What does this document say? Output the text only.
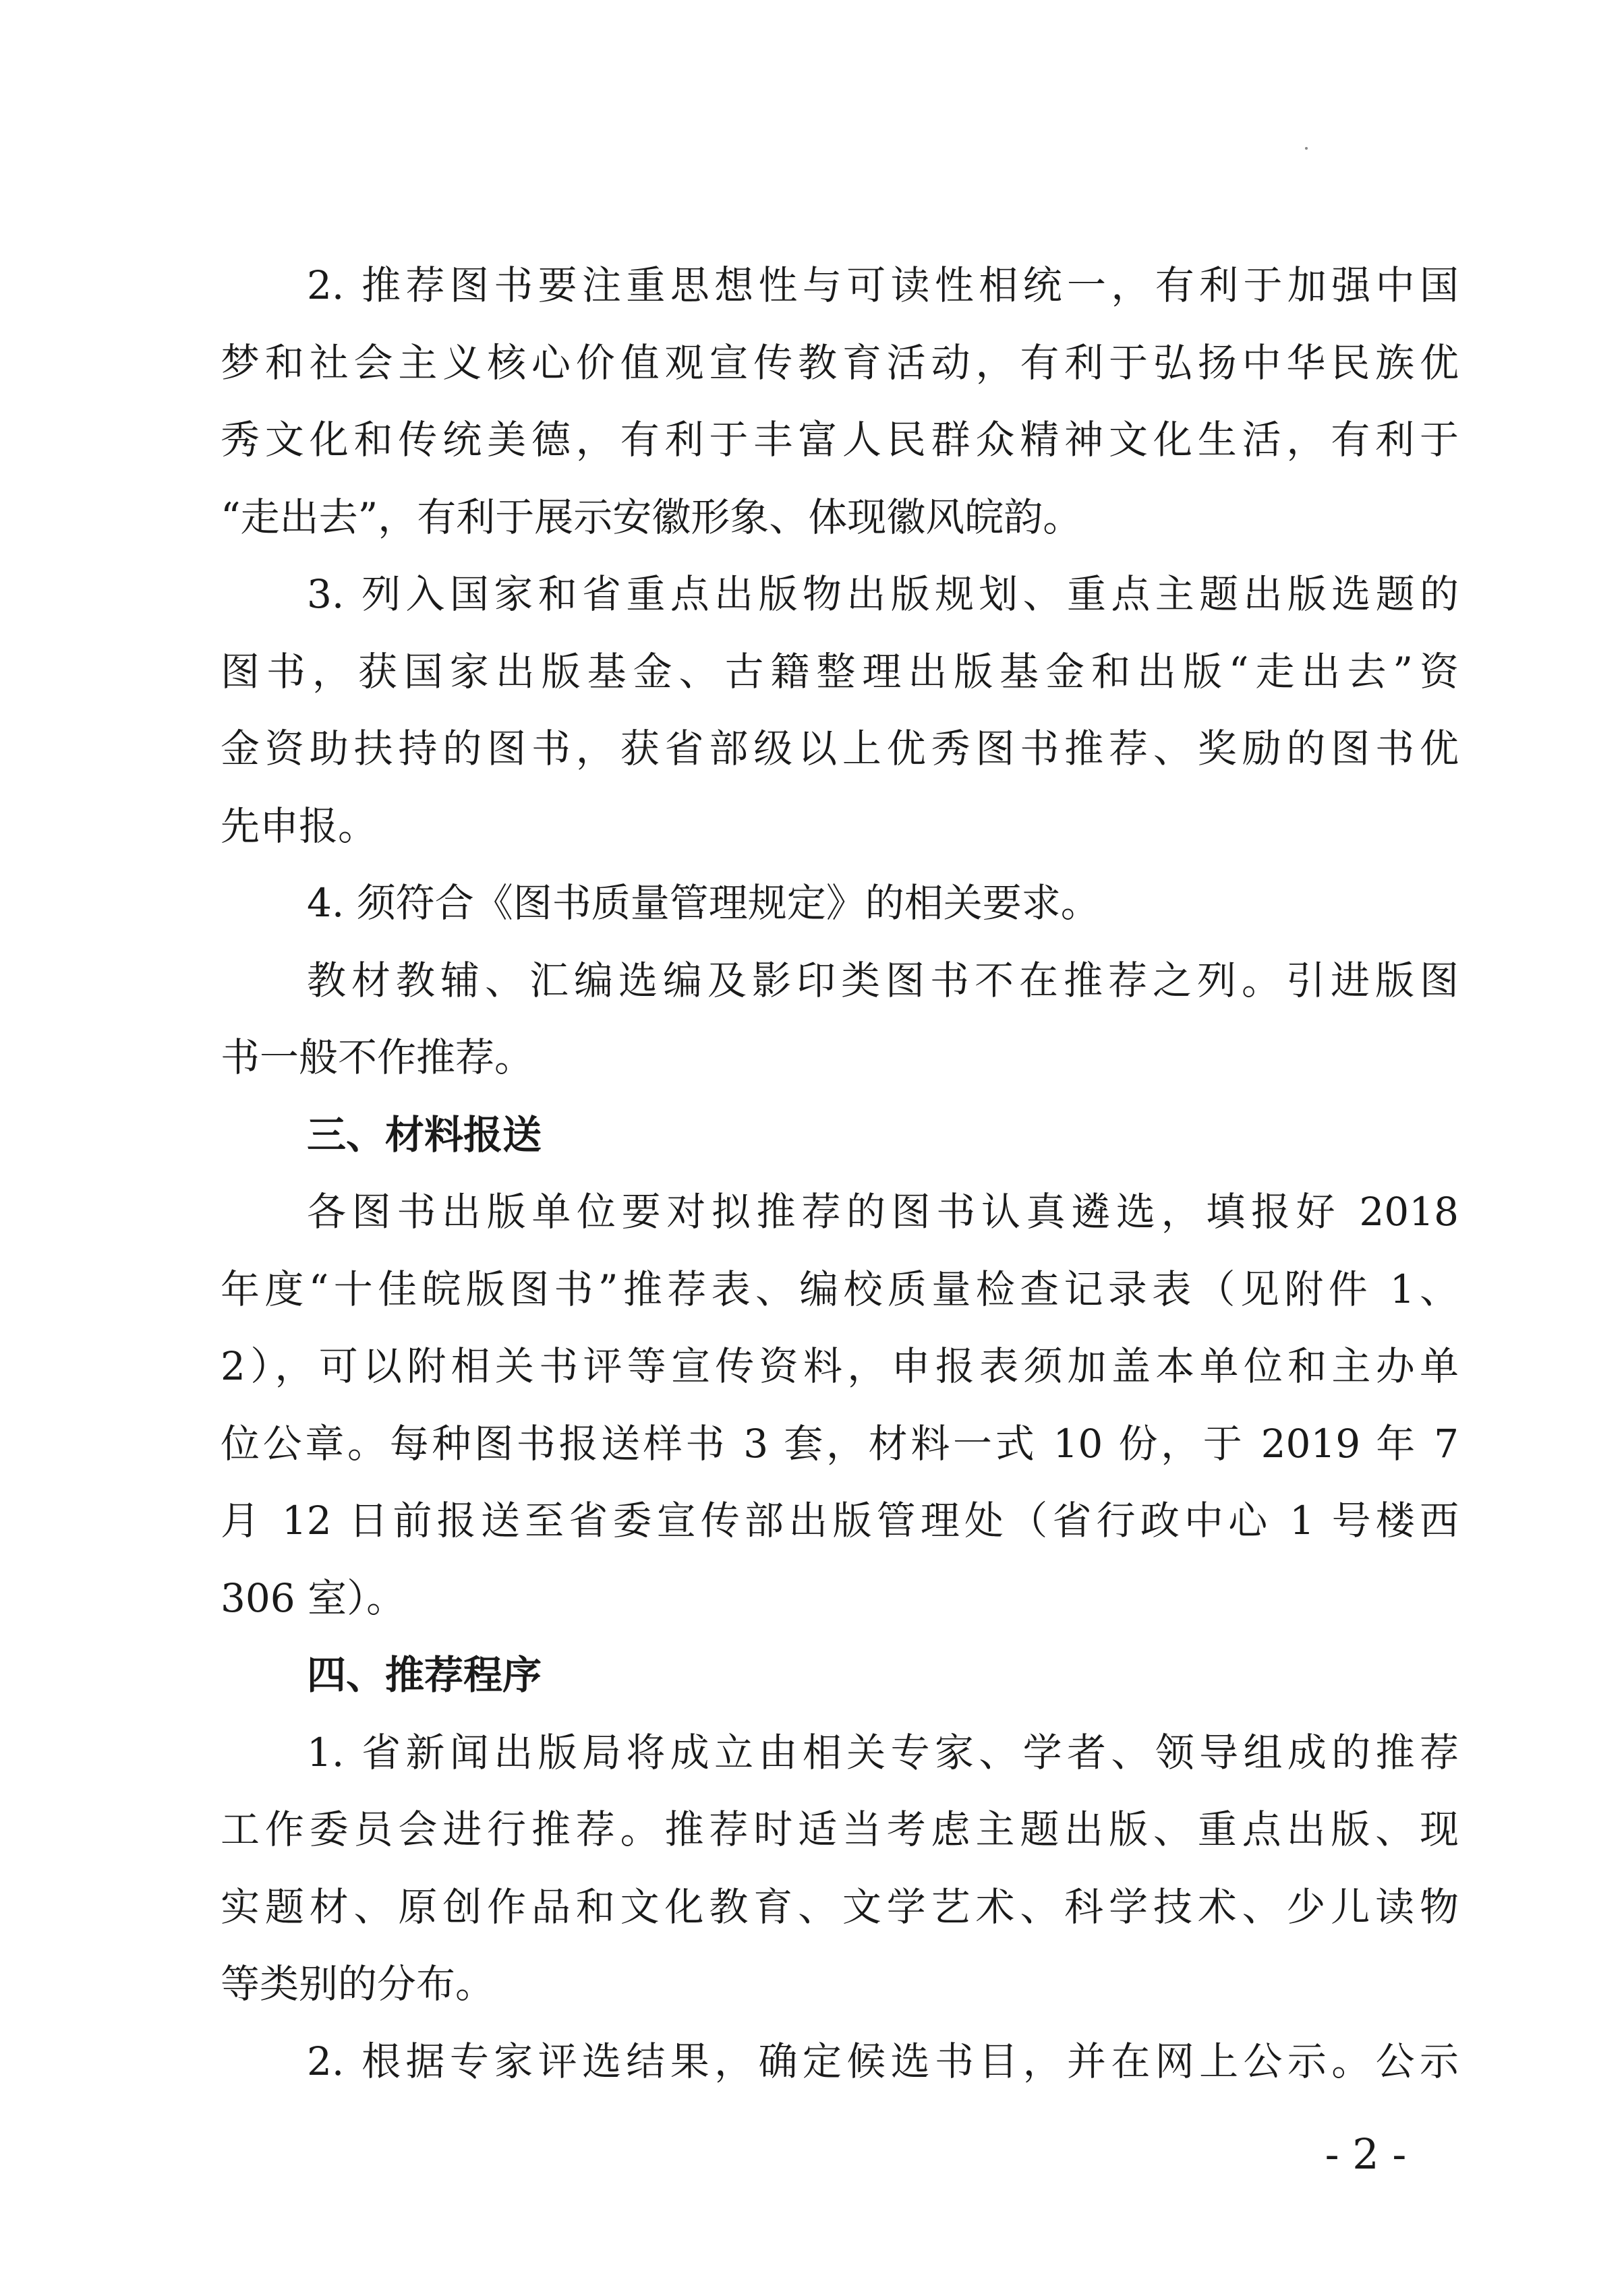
2. 推荐图书要注重思想性与可读性相统一，有利于加强中国
梦和社会主义核心价值观宣传教育活动，有利于弘扬中华民族优
秀文化和传统美德，有利于丰富人民群众精神文化生活，有利于
“走出去”，有利于展示安徽形象、体现徽风皖韵。
3. 列入国家和省重点出版物出版规划、重点主题出版选题的
图书，获国家出版基金、古籍整理出版基金和出版“走出去”资
金资助扶持的图书，获省部级以上优秀图书推荐、奖励的图书优
先申报。
4. 须符合《图书质量管理规定》的相关要求。
教材教辅、汇编选编及影印类图书不在推荐之列。引进版图
书一般不作推荐。
三、材料报送
各图书出版单位要对拟推荐的图书认真遴选，填报好 2018
年度“十佳皖版图书”推荐表、编校质量检查记录表（见附件 1、
2），可以附相关书评等宣传资料，申报表须加盖本单位和主办单
位公章。每种图书报送样书 3 套，材料一式 10 份，于 2019 年 7
月 12 日前报送至省委宣传部出版管理处（省行政中心 1 号楼西
306 室）。
四、推荐程序
1. 省新闻出版局将成立由相关专家、学者、领导组成的推荐
工作委员会进行推荐。推荐时适当考虑主题出版、重点出版、现
实题材、原创作品和文化教育、文学艺术、科学技术、少儿读物
等类别的分布。
2. 根据专家评选结果，确定候选书目，并在网上公示。公示
- 2 -
